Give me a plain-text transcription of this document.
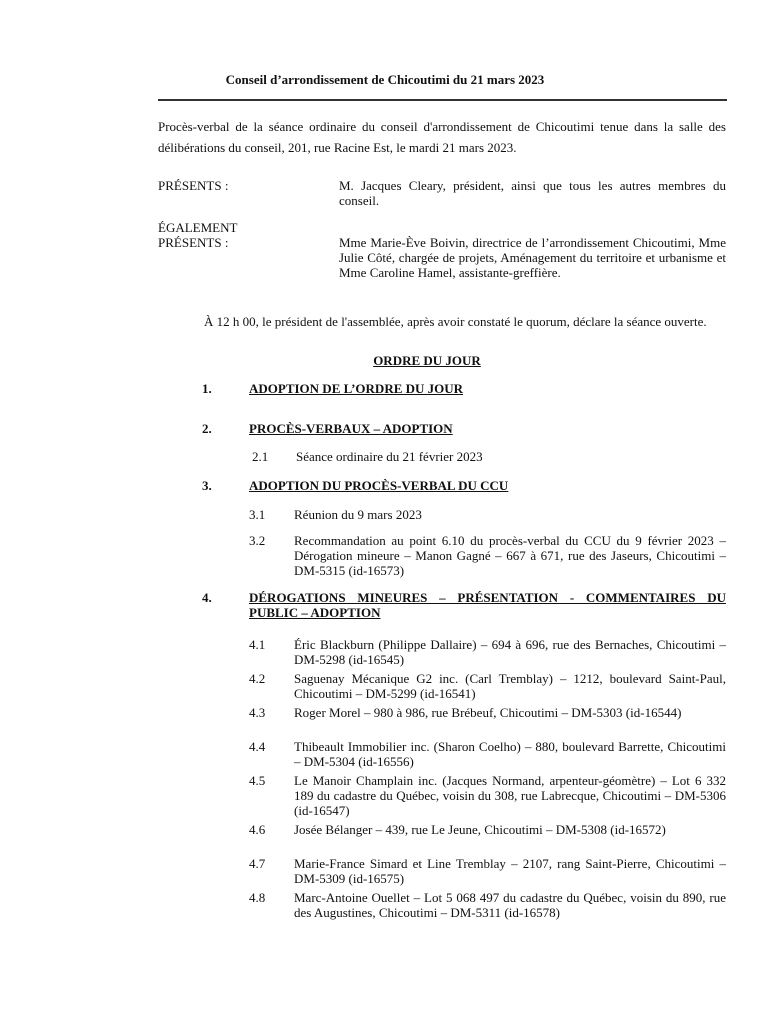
Conseil d’arrondissement de Chicoutimi du 21 mars 2023
Procès-verbal de la séance ordinaire du conseil d'arrondissement de Chicoutimi tenue dans la salle des délibérations du conseil, 201, rue Racine Est, le mardi 21 mars 2023.
PRÉSENTS :	M. Jacques Cleary, président, ainsi que tous les autres membres du conseil.
ÉGALEMENT
PRÉSENTS :	Mme Marie-Ève Boivin, directrice de l’arrondissement Chicoutimi, Mme Julie Côté, chargée de projets, Aménagement du territoire et urbanisme et Mme Caroline Hamel, assistante-greffière.
À 12 h 00, le président de l'assemblée, après avoir constaté le quorum, déclare la séance ouverte.
ORDRE DU JOUR
1.	ADOPTION DE L’ORDRE DU JOUR
2.	PROCÈS-VERBAUX – ADOPTION
2.1 Séance ordinaire du 21 février 2023
3.	ADOPTION DU PROCÈS-VERBAL DU CCU
3.1 Réunion du 9 mars 2023
3.2 Recommandation au point 6.10 du procès-verbal du CCU du 9 février 2023 – Dérogation mineure – Manon Gagné – 667 à 671, rue des Jaseurs, Chicoutimi – DM-5315 (id-16573)
4.	DÉROGATIONS MINEURES – PRÉSENTATION - COMMENTAIRES DU PUBLIC – ADOPTION
4.1 Éric Blackburn (Philippe Dallaire) – 694 à 696, rue des Bernaches, Chicoutimi – DM-5298 (id-16545)
4.2 Saguenay Mécanique G2 inc. (Carl Tremblay) – 1212, boulevard Saint-Paul, Chicoutimi – DM-5299 (id-16541)
4.3 Roger Morel – 980 à 986, rue Brébeuf, Chicoutimi – DM-5303 (id-16544)
4.4 Thibeault Immobilier inc. (Sharon Coelho) – 880, boulevard Barrette, Chicoutimi – DM-5304 (id-16556)
4.5 Le Manoir Champlain inc. (Jacques Normand, arpenteur-géomètre) – Lot 6 332 189 du cadastre du Québec, voisin du 308, rue Labrecque, Chicoutimi – DM-5306 (id-16547)
4.6 Josée Bélanger – 439, rue Le Jeune, Chicoutimi – DM-5308 (id-16572)
4.7 Marie-France Simard et Line Tremblay – 2107, rang Saint-Pierre, Chicoutimi – DM-5309 (id-16575)
4.8 Marc-Antoine Ouellet – Lot 5 068 497 du cadastre du Québec, voisin du 890, rue des Augustines, Chicoutimi – DM-5311 (id-16578)
